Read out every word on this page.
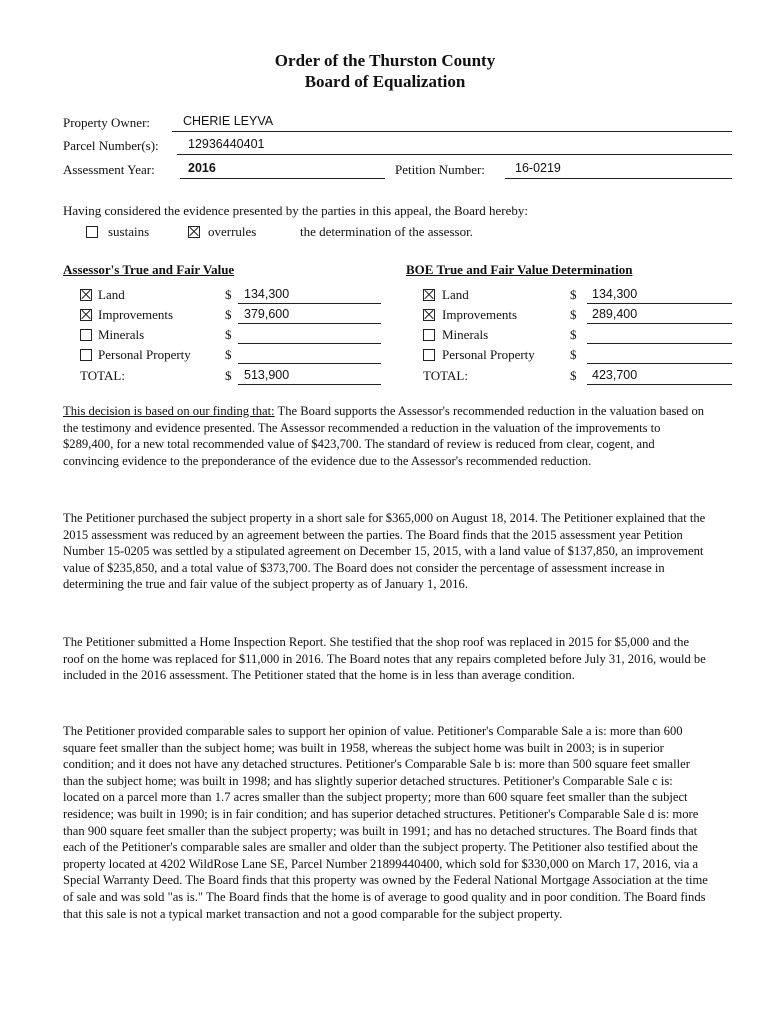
Order of the Thurston County
Board of Equalization
Property Owner:	CHERIE LEYVA
Parcel Number(s): 12936440401
Assessment Year:	2016	Petition Number: 16-0219
Having considered the evidence presented by the parties in this appeal, the Board hereby:
sustains	overrules	the determination of the assessor.
Assessor's True and Fair Value
Land	$ 134,300
Improvements	$ 379,600
Minerals	$
Personal Property	$
TOTAL:	$ 513,900
BOE True and Fair Value Determination
Land	$ 134,300
Improvements	$ 289,400
Minerals	$
Personal Property	$
TOTAL:	$ 423,700
This decision is based on our finding that: The Board supports the Assessor's recommended reduction in the valuation based on the testimony and evidence presented. The Assessor recommended a reduction in the valuation of the improvements to $289,400, for a new total recommended value of $423,700. The standard of review is reduced from clear, cogent, and convincing evidence to the preponderance of the evidence due to the Assessor's recommended reduction.
The Petitioner purchased the subject property in a short sale for $365,000 on August 18, 2014. The Petitioner explained that the 2015 assessment was reduced by an agreement between the parties. The Board finds that the 2015 assessment year Petition Number 15-0205 was settled by a stipulated agreement on December 15, 2015, with a land value of $137,850, an improvement value of $235,850, and a total value of $373,700. The Board does not consider the percentage of assessment increase in determining the true and fair value of the subject property as of January 1, 2016.
The Petitioner submitted a Home Inspection Report. She testified that the shop roof was replaced in 2015 for $5,000 and the roof on the home was replaced for $11,000 in 2016. The Board notes that any repairs completed before July 31, 2016, would be included in the 2016 assessment. The Petitioner stated that the home is in less than average condition.
The Petitioner provided comparable sales to support her opinion of value. Petitioner's Comparable Sale a is: more than 600 square feet smaller than the subject home; was built in 1958, whereas the subject home was built in 2003; is in superior condition; and it does not have any detached structures. Petitioner's Comparable Sale b is: more than 500 square feet smaller than the subject home; was built in 1998; and has slightly superior detached structures. Petitioner's Comparable Sale c is: located on a parcel more than 1.7 acres smaller than the subject property; more than 600 square feet smaller than the subject residence; was built in 1990; is in fair condition; and has superior detached structures. Petitioner's Comparable Sale d is: more than 900 square feet smaller than the subject property; was built in 1991; and has no detached structures. The Board finds that each of the Petitioner's comparable sales are smaller and older than the subject property. The Petitioner also testified about the property located at 4202 WildRose Lane SE, Parcel Number 21899440400, which sold for $330,000 on March 17, 2016, via a Special Warranty Deed. The Board finds that this property was owned by the Federal National Mortgage Association at the time of sale and was sold "as is." The Board finds that the home is of average to good quality and in poor condition. The Board finds that this sale is not a typical market transaction and not a good comparable for the subject property.
